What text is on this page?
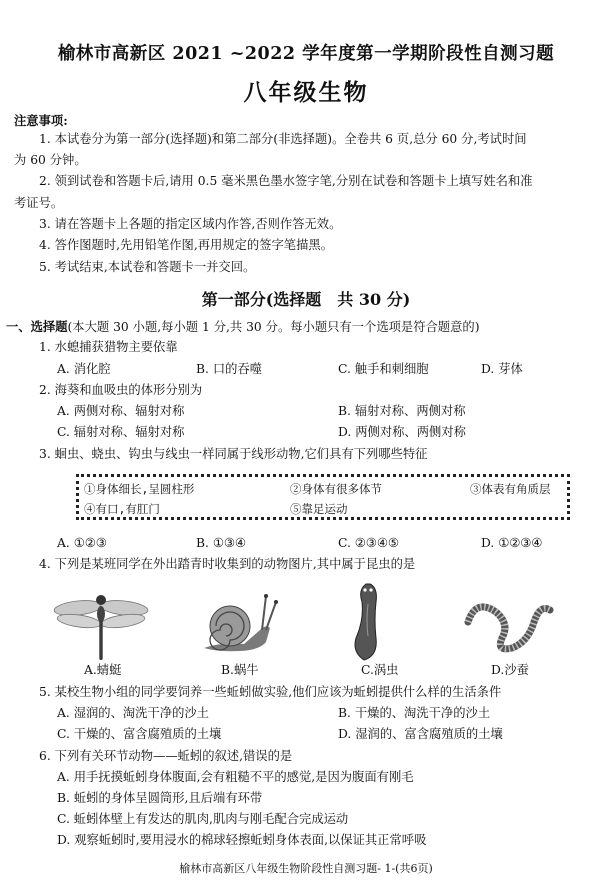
榆林市高新区 2021 ~2022 学年度第一学期阶段性自测习题
八年级生物
注意事项:
1. 本试卷分为第一部分(选择题)和第二部分(非选择题)。全卷共 6 页,总分 60 分,考试时间
为 60 分钟。
2. 领到试卷和答题卡后,请用 0.5 毫米黑色墨水签字笔,分别在试卷和答题卡上填写姓名和准
考证号。
3. 请在答题卡上各题的指定区域内作答,否则作答无效。
4. 答作图题时,先用铅笔作图,再用规定的签字笔描黑。
5. 考试结束,本试卷和答题卡一并交回。
第一部分(选择题　共 30 分)
一、选择题(本大题 30 小题,每小题 1 分,共 30 分。每小题只有一个选项是符合题意的)
1. 水螅捕获猎物主要依靠
A. 消化腔	B. 口的吞噬	C. 触手和刺细胞	D. 芽体
2. 海葵和血吸虫的体形分别为
A. 两侧对称、辐射对称	B. 辐射对称、两侧对称
C. 辐射对称、辐射对称	D. 两侧对称、两侧对称
3. 蛔虫、蛲虫、钩虫与线虫一样同属于线形动物,它们具有下列哪些特征
①身体细长,呈圆柱形	②身体有很多体节	③体表有角质层
④有口,有肛门	⑤靠足运动
A. ①②③	B. ①③④	C. ②③④⑤	D. ①②③④
4. 下列是某班同学在外出踏青时收集到的动物图片,其中属于昆虫的是
A.蜻蜓	B.蜗牛	C.涡虫	D.沙蚕
5. 某校生物小组的同学要饲养一些蚯蚓做实验,他们应该为蚯蚓提供什么样的生活条件
A. 湿润的、淘洗干净的沙土	B. 干燥的、淘洗干净的沙土
C. 干燥的、富含腐殖质的土壤	D. 湿润的、富含腐殖质的土壤
6. 下列有关环节动物——蚯蚓的叙述,错误的是
A. 用手抚摸蚯蚓身体腹面,会有粗糙不平的感觉,是因为腹面有刚毛
B. 蚯蚓的身体呈圆筒形,且后端有环带
C. 蚯蚓体壁上有发达的肌肉,肌肉与刚毛配合完成运动
D. 观察蚯蚓时,要用浸水的棉球轻擦蚯蚓身体表面,以保证其正常呼吸
榆林市高新区八年级生物阶段性自测习题- 1-(共6页)
